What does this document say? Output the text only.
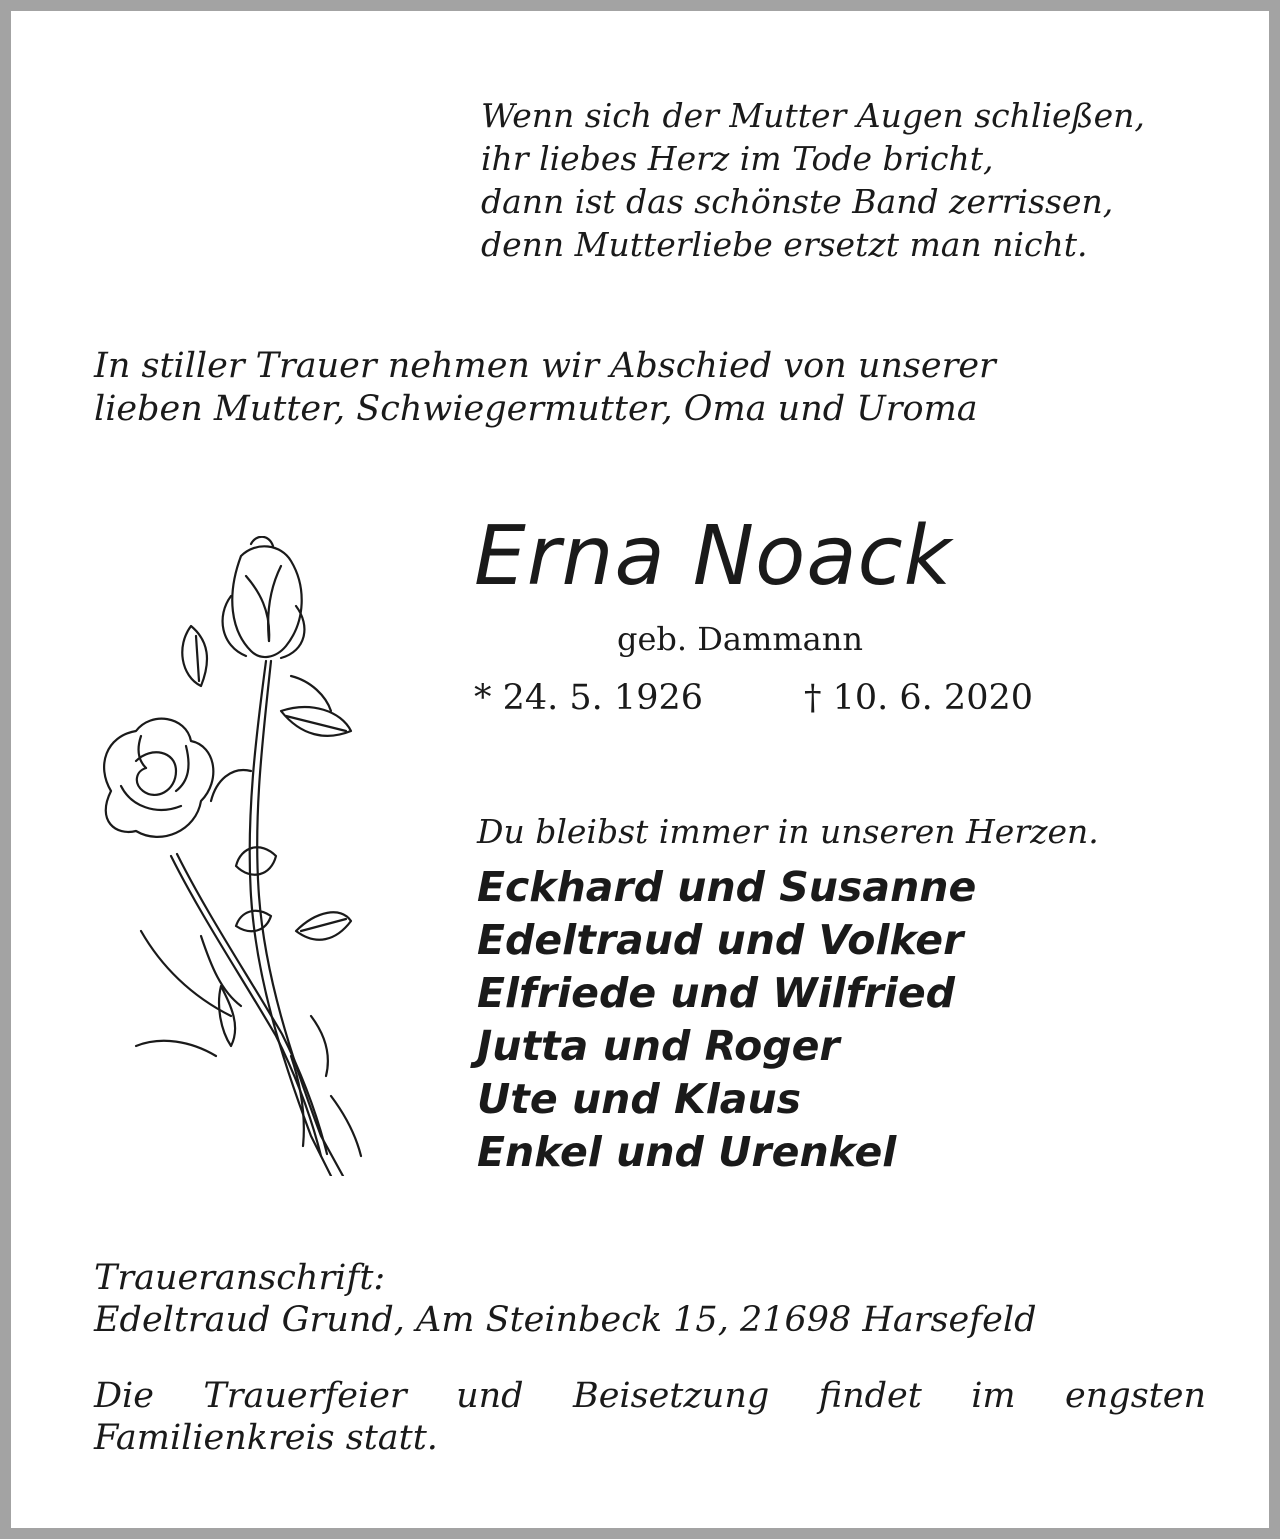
Wenn sich der Mutter Augen schließen,
ihr liebes Herz im Tode bricht,
dann ist das schönste Band zerrissen,
denn Mutterliebe ersetzt man nicht.
In stiller Trauer nehmen wir Abschied von unserer
lieben Mutter, Schwiegermutter, Oma und Uroma
Erna Noack
geb. Dammann
* 24. 5. 1926	† 10. 6. 2020
Du bleibst immer in unseren Herzen.
Eckhard und Susanne
Edeltraud und Volker
Elfriede und Wilfried
Jutta und Roger
Ute und Klaus
Enkel und Urenkel
Traueranschrift:
Edeltraud Grund, Am Steinbeck 15, 21698 Harsefeld
Die Trauerfeier und Beisetzung findet im engsten
Familienkreis statt.
